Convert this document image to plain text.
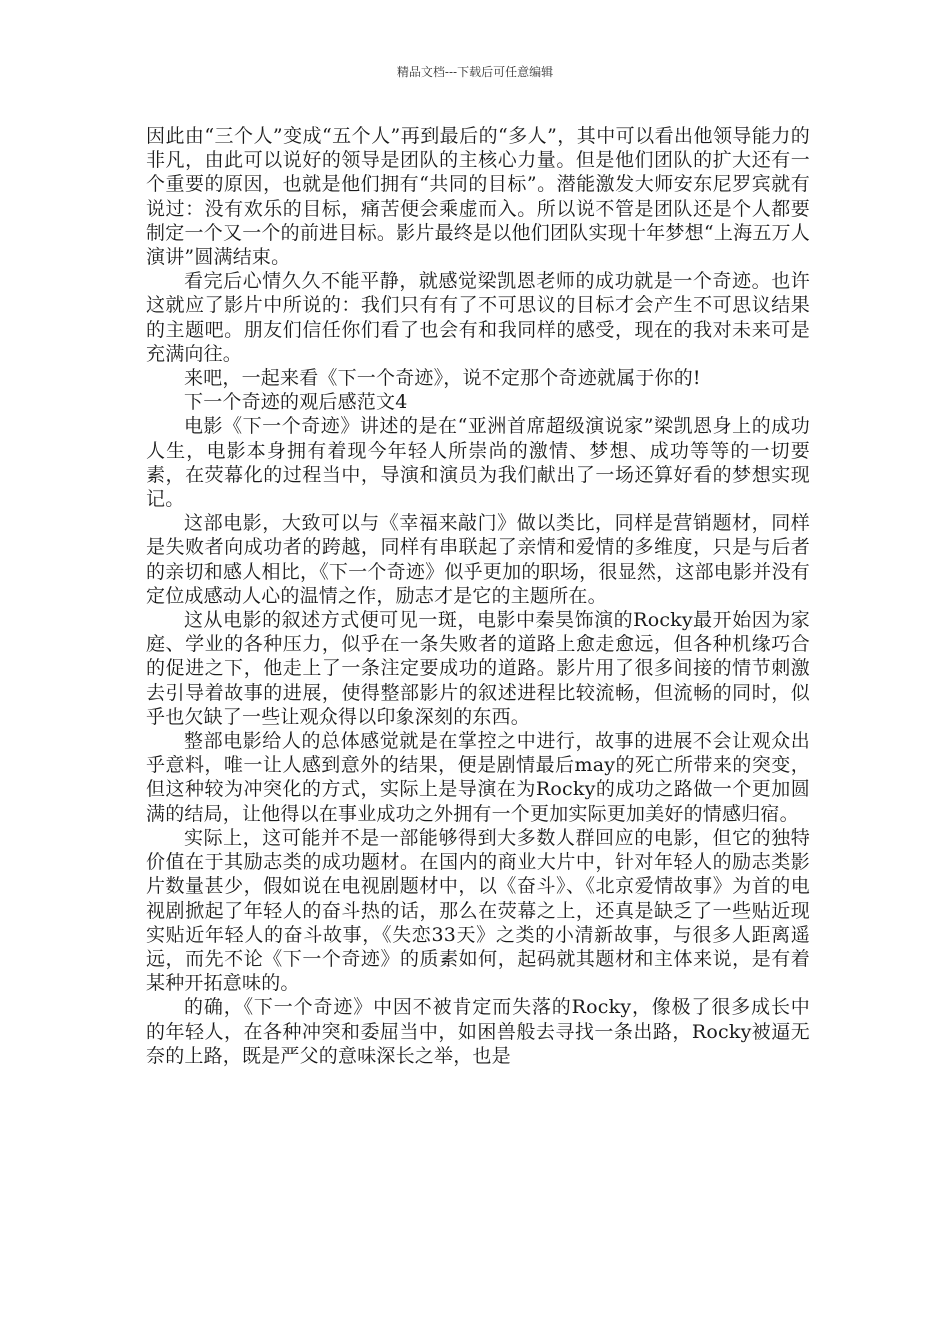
精品文档---下载后可任意编辑

因此由“三个人”变成“五个人”再到最后的“多人”，其中可以看出他领导能力的非凡，由此可以说好的领导是团队的主核心力量。但是他们团队的扩大还有一个重要的原因，也就是他们拥有“共同的目标”。潜能激发大师安东尼罗宾就有说过：没有欢乐的目标，痛苦便会乘虚而入。所以说不管是团队还是个人都要制定一个又一个的前进目标。影片最终是以他们团队实现十年梦想“上海五万人演讲”圆满结束。

看完后心情久久不能平静，就感觉梁凯恩老师的成功就是一个奇迹。也许这就应了影片中所说的：我们只有有了不可思议的目标才会产生不可思议结果的主题吧。朋友们信任你们看了也会有和我同样的感受，现在的我对未来可是充满向往。

来吧，一起来看《下一个奇迹》，说不定那个奇迹就属于你的!

下一个奇迹的观后感范文4

电影《下一个奇迹》讲述的是在“亚洲首席超级演说家”梁凯恩身上的成功人生，电影本身拥有着现今年轻人所崇尚的激情、梦想、成功等等的一切要素，在荧幕化的过程当中，导演和演员为我们献出了一场还算好看的梦想实现记。

这部电影，大致可以与《幸福来敲门》做以类比，同样是营销题材，同样是失败者向成功者的跨越，同样有串联起了亲情和爱情的多维度，只是与后者的亲切和感人相比，《下一个奇迹》似乎更加的职场，很显然，这部电影并没有定位成感动人心的温情之作，励志才是它的主题所在。

这从电影的叙述方式便可见一斑，电影中秦昊饰演的Rocky最开始因为家庭、学业的各种压力，似乎在一条失败者的道路上愈走愈远，但各种机缘巧合的促进之下，他走上了一条注定要成功的道路。影片用了很多间接的情节刺激去引导着故事的进展，使得整部影片的叙述进程比较流畅，但流畅的同时，似乎也欠缺了一些让观众得以印象深刻的东西。

整部电影给人的总体感觉就是在掌控之中进行，故事的进展不会让观众出乎意料，唯一让人感到意外的结果，便是剧情最后may的死亡所带来的突变，但这种较为冲突化的方式，实际上是导演在为Rocky的成功之路做一个更加圆满的结局，让他得以在事业成功之外拥有一个更加实际更加美好的情感归宿。

实际上，这可能并不是一部能够得到大多数人群回应的电影，但它的独特价值在于其励志类的成功题材。在国内的商业大片中，针对年轻人的励志类影片数量甚少，假如说在电视剧题材中，以《奋斗》、《北京爱情故事》为首的电视剧掀起了年轻人的奋斗热的话，那么在荧幕之上，还真是缺乏了一些贴近现实贴近年轻人的奋斗故事，《失恋33天》之类的小清新故事，与很多人距离遥远，而先不论《下一个奇迹》的质素如何，起码就其题材和主体来说，是有着某种开拓意味的。

的确，《下一个奇迹》中因不被肯定而失落的Rocky，像极了很多成长中的年轻人，在各种冲突和委屈当中，如困兽般去寻找一条出路，Rocky被逼无奈的上路，既是严父的意味深长之举，也是
